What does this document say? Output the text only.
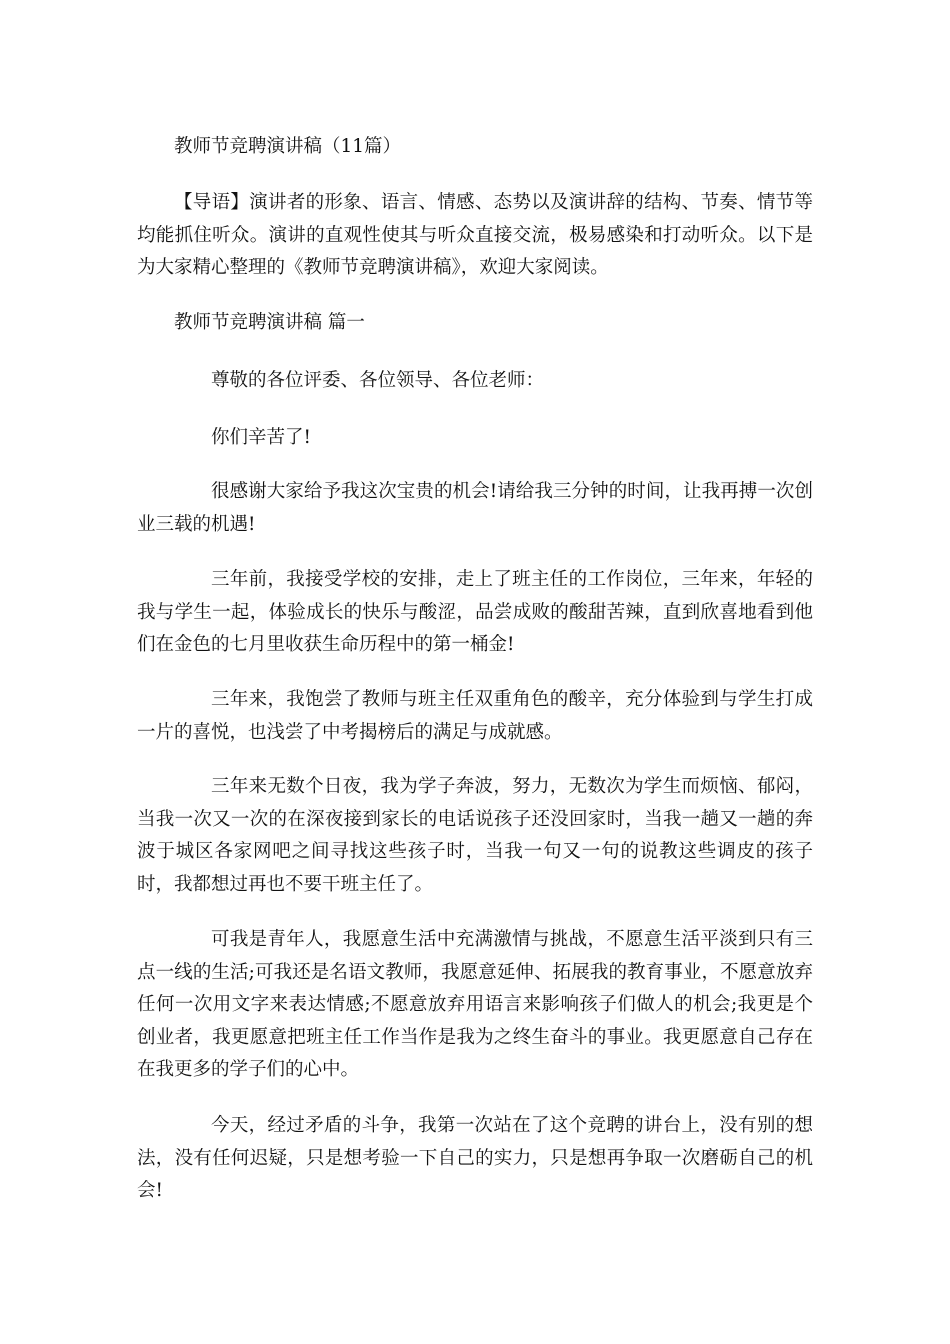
教师节竞聘演讲稿（11篇）

【导语】演讲者的形象、语言、情感、态势以及演讲辞的结构、节奏、情节等均能抓住听众。演讲的直观性使其与听众直接交流，极易感染和打动听众。以下是为大家精心整理的《教师节竞聘演讲稿》，欢迎大家阅读。

教师节竞聘演讲稿 篇一

尊敬的各位评委、各位领导、各位老师：

你们辛苦了!

很感谢大家给予我这次宝贵的机会!请给我三分钟的时间，让我再搏一次创业三载的机遇!

三年前，我接受学校的安排，走上了班主任的工作岗位，三年来，年轻的我与学生一起，体验成长的快乐与酸涩，品尝成败的酸甜苦辣，直到欣喜地看到他们在金色的七月里收获生命历程中的第一桶金!

三年来，我饱尝了教师与班主任双重角色的酸辛，充分体验到与学生打成一片的喜悦，也浅尝了中考揭榜后的满足与成就感。

三年来无数个日夜，我为学子奔波，努力，无数次为学生而烦恼、郁闷，当我一次又一次的在深夜接到家长的电话说孩子还没回家时，当我一趟又一趟的奔波于城区各家网吧之间寻找这些孩子时，当我一句又一句的说教这些调皮的孩子时，我都想过再也不要干班主任了。

可我是青年人，我愿意生活中充满激情与挑战，不愿意生活平淡到只有三点一线的生活;可我还是名语文教师，我愿意延伸、拓展我的教育事业，不愿意放弃任何一次用文字来表达情感;不愿意放弃用语言来影响孩子们做人的机会;我更是个创业者，我更愿意把班主任工作当作是我为之终生奋斗的事业。我更愿意自己存在在我更多的学子们的心中。

今天，经过矛盾的斗争，我第一次站在了这个竞聘的讲台上，没有别的想法，没有任何迟疑，只是想考验一下自己的实力，只是想再争取一次磨砺自己的机会!
